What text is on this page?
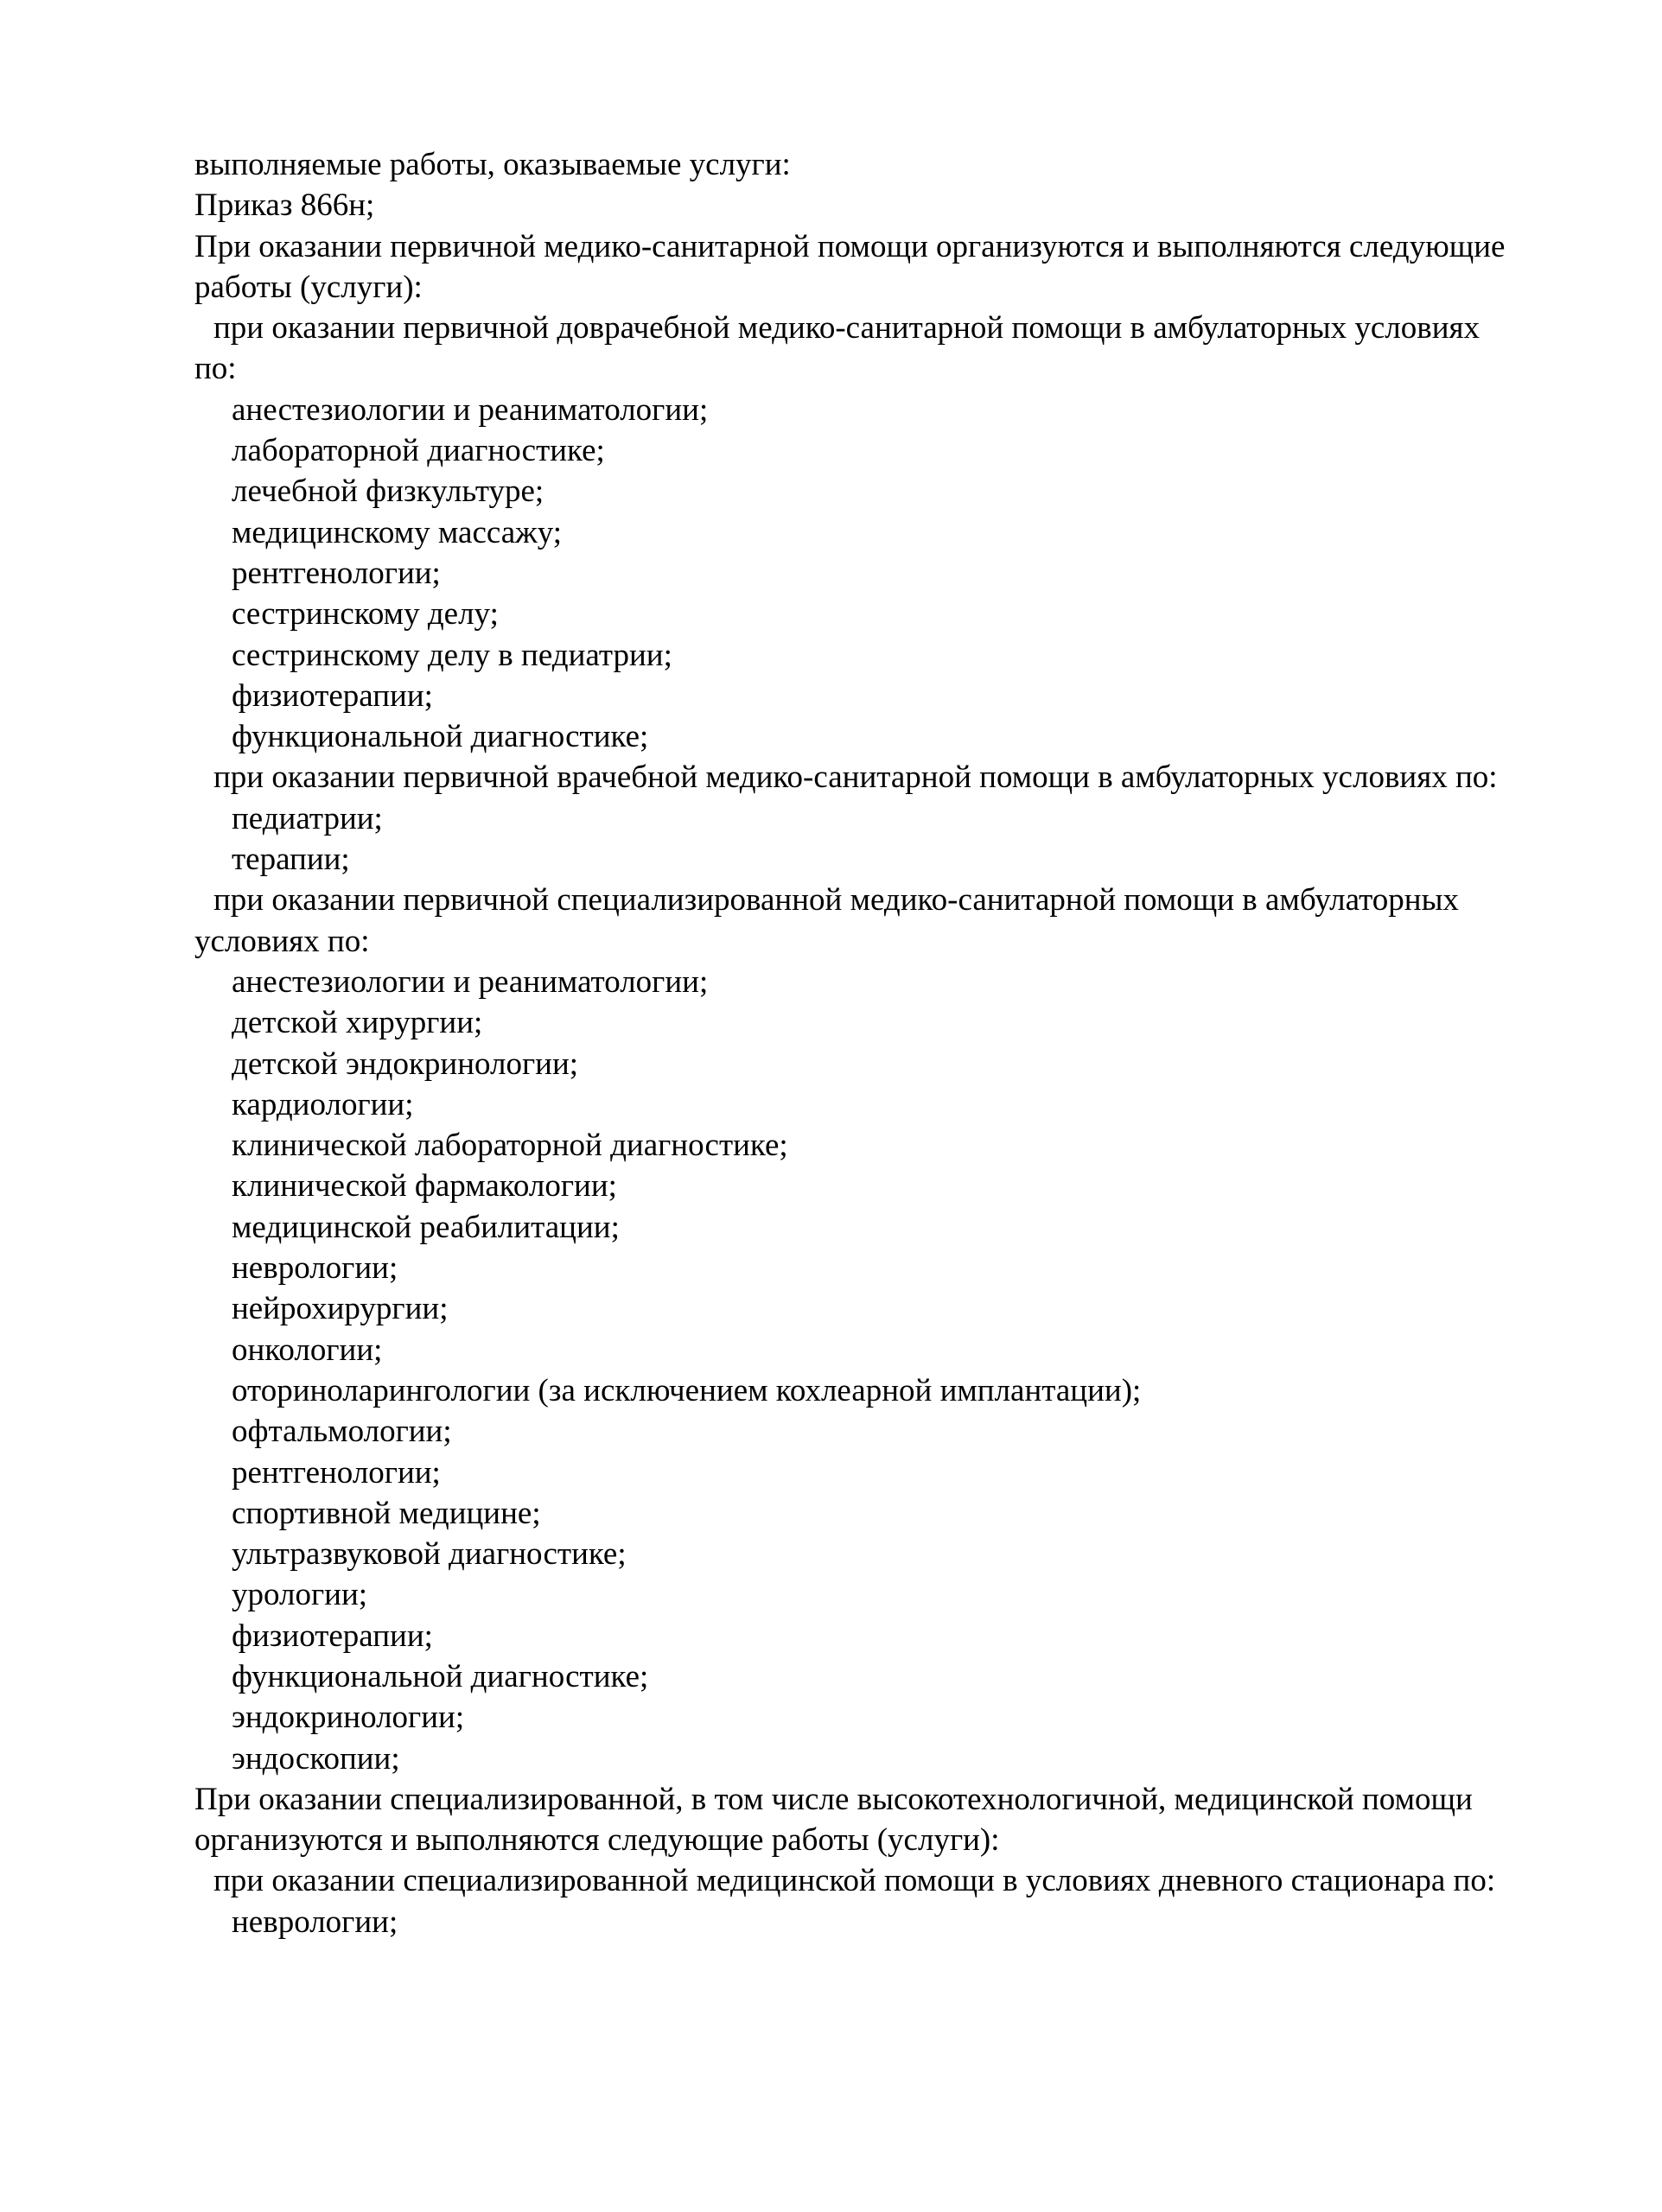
выполняемые работы, оказываемые услуги:
Приказ 866н;
При оказании первичной медико-санитарной помощи организуются и выполняются следующие
работы (услуги):
при оказании первичной доврачебной медико-санитарной помощи в амбулаторных условиях
по:
анестезиологии и реаниматологии;
лабораторной диагностике;
лечебной физкультуре;
медицинскому массажу;
рентгенологии;
сестринскому делу;
сестринскому делу в педиатрии;
физиотерапии;
функциональной диагностике;
при оказании первичной врачебной медико-санитарной помощи в амбулаторных условиях по:
педиатрии;
терапии;
при оказании первичной специализированной медико-санитарной помощи в амбулаторных
условиях по:
анестезиологии и реаниматологии;
детской хирургии;
детской эндокринологии;
кардиологии;
клинической лабораторной диагностике;
клинической фармакологии;
медицинской реабилитации;
неврологии;
нейрохирургии;
онкологии;
оториноларингологии (за исключением кохлеарной имплантации);
офтальмологии;
рентгенологии;
спортивной медицине;
ультразвуковой диагностике;
урологии;
физиотерапии;
функциональной диагностике;
эндокринологии;
эндоскопии;
При оказании специализированной, в том числе высокотехнологичной, медицинской помощи
организуются и выполняются следующие работы (услуги):
при оказании специализированной медицинской помощи в условиях дневного стационара по:
неврологии;
